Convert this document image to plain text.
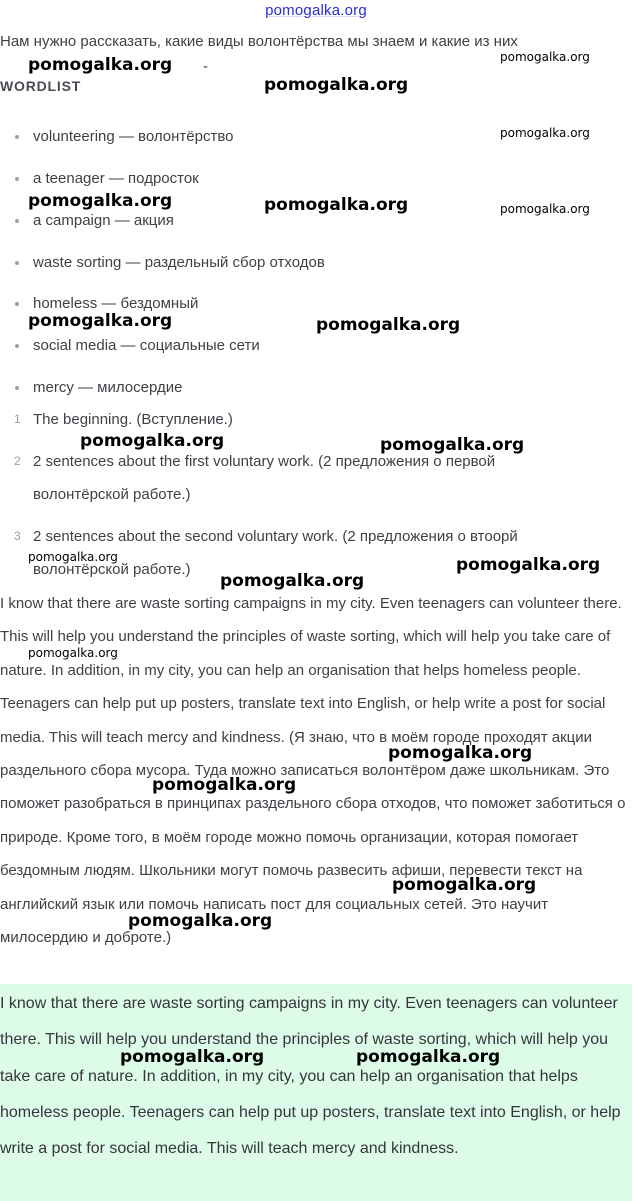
pomogalka.org
Нам нужно рассказать, какие виды волонтёрства мы знаем и какие из них
-
WORDLIST
volunteering — волонтёрство
a teenager — подросток
a campaign — акция
waste sorting — раздельный сбор отходов
homeless — бездомный
social media — социальные сети
mercy — милосердие
1 The beginning. (Вступление.)
2 2 sentences about the first voluntary work. (2 предложения о первой
волонтёрской работе.)
3 2 sentences about the second voluntary work. (2 предложения о втоорй
волонтёрской работе.)
I know that there are waste sorting campaigns in my city. Even teenagers can volunteer there. This will help you understand the principles of waste sorting, which will help you take care of nature. In addition, in my city, you can help an organisation that helps homeless people. Teenagers can help put up posters, translate text into English, or help write a post for social media. This will teach mercy and kindness. (Я знаю, что в моём городе проходят акции раздельного сбора мусора. Туда можно записаться волонтёром даже школьникам. Это поможет разобраться в принципах раздельного сбора отходов, что поможет заботиться о природе. Кроме того, в моём городе можно помочь организации, которая помогает бездомным людям. Школьники могут помочь развесить афиши, перевести текст на английский язык или помочь написать пост для социальных сетей. Это научит милосердию и доброте.)
I know that there are waste sorting campaigns in my city. Even teenagers can volunteer there. This will help you understand the principles of waste sorting, which will help you take care of nature. In addition, in my city, you can help an organisation that helps homeless people. Teenagers can help put up posters, translate text into English, or help write a post for social media. This will teach mercy and kindness.
pomogalka.org
pomogalka.org
pomogalka.org
pomogalka.org
pomogalka.org	pomogalka.org	pomogalka.org
pomogalka.org	pomogalka.org
pomogalka.org	pomogalka.org
pomogalka.org	pomogalka.org
pomogalka.org
pomogalka.org
pomogalka.org
pomogalka.org
pomogalka.org
pomogalka.org
pomogalka.org	pomogalka.org
